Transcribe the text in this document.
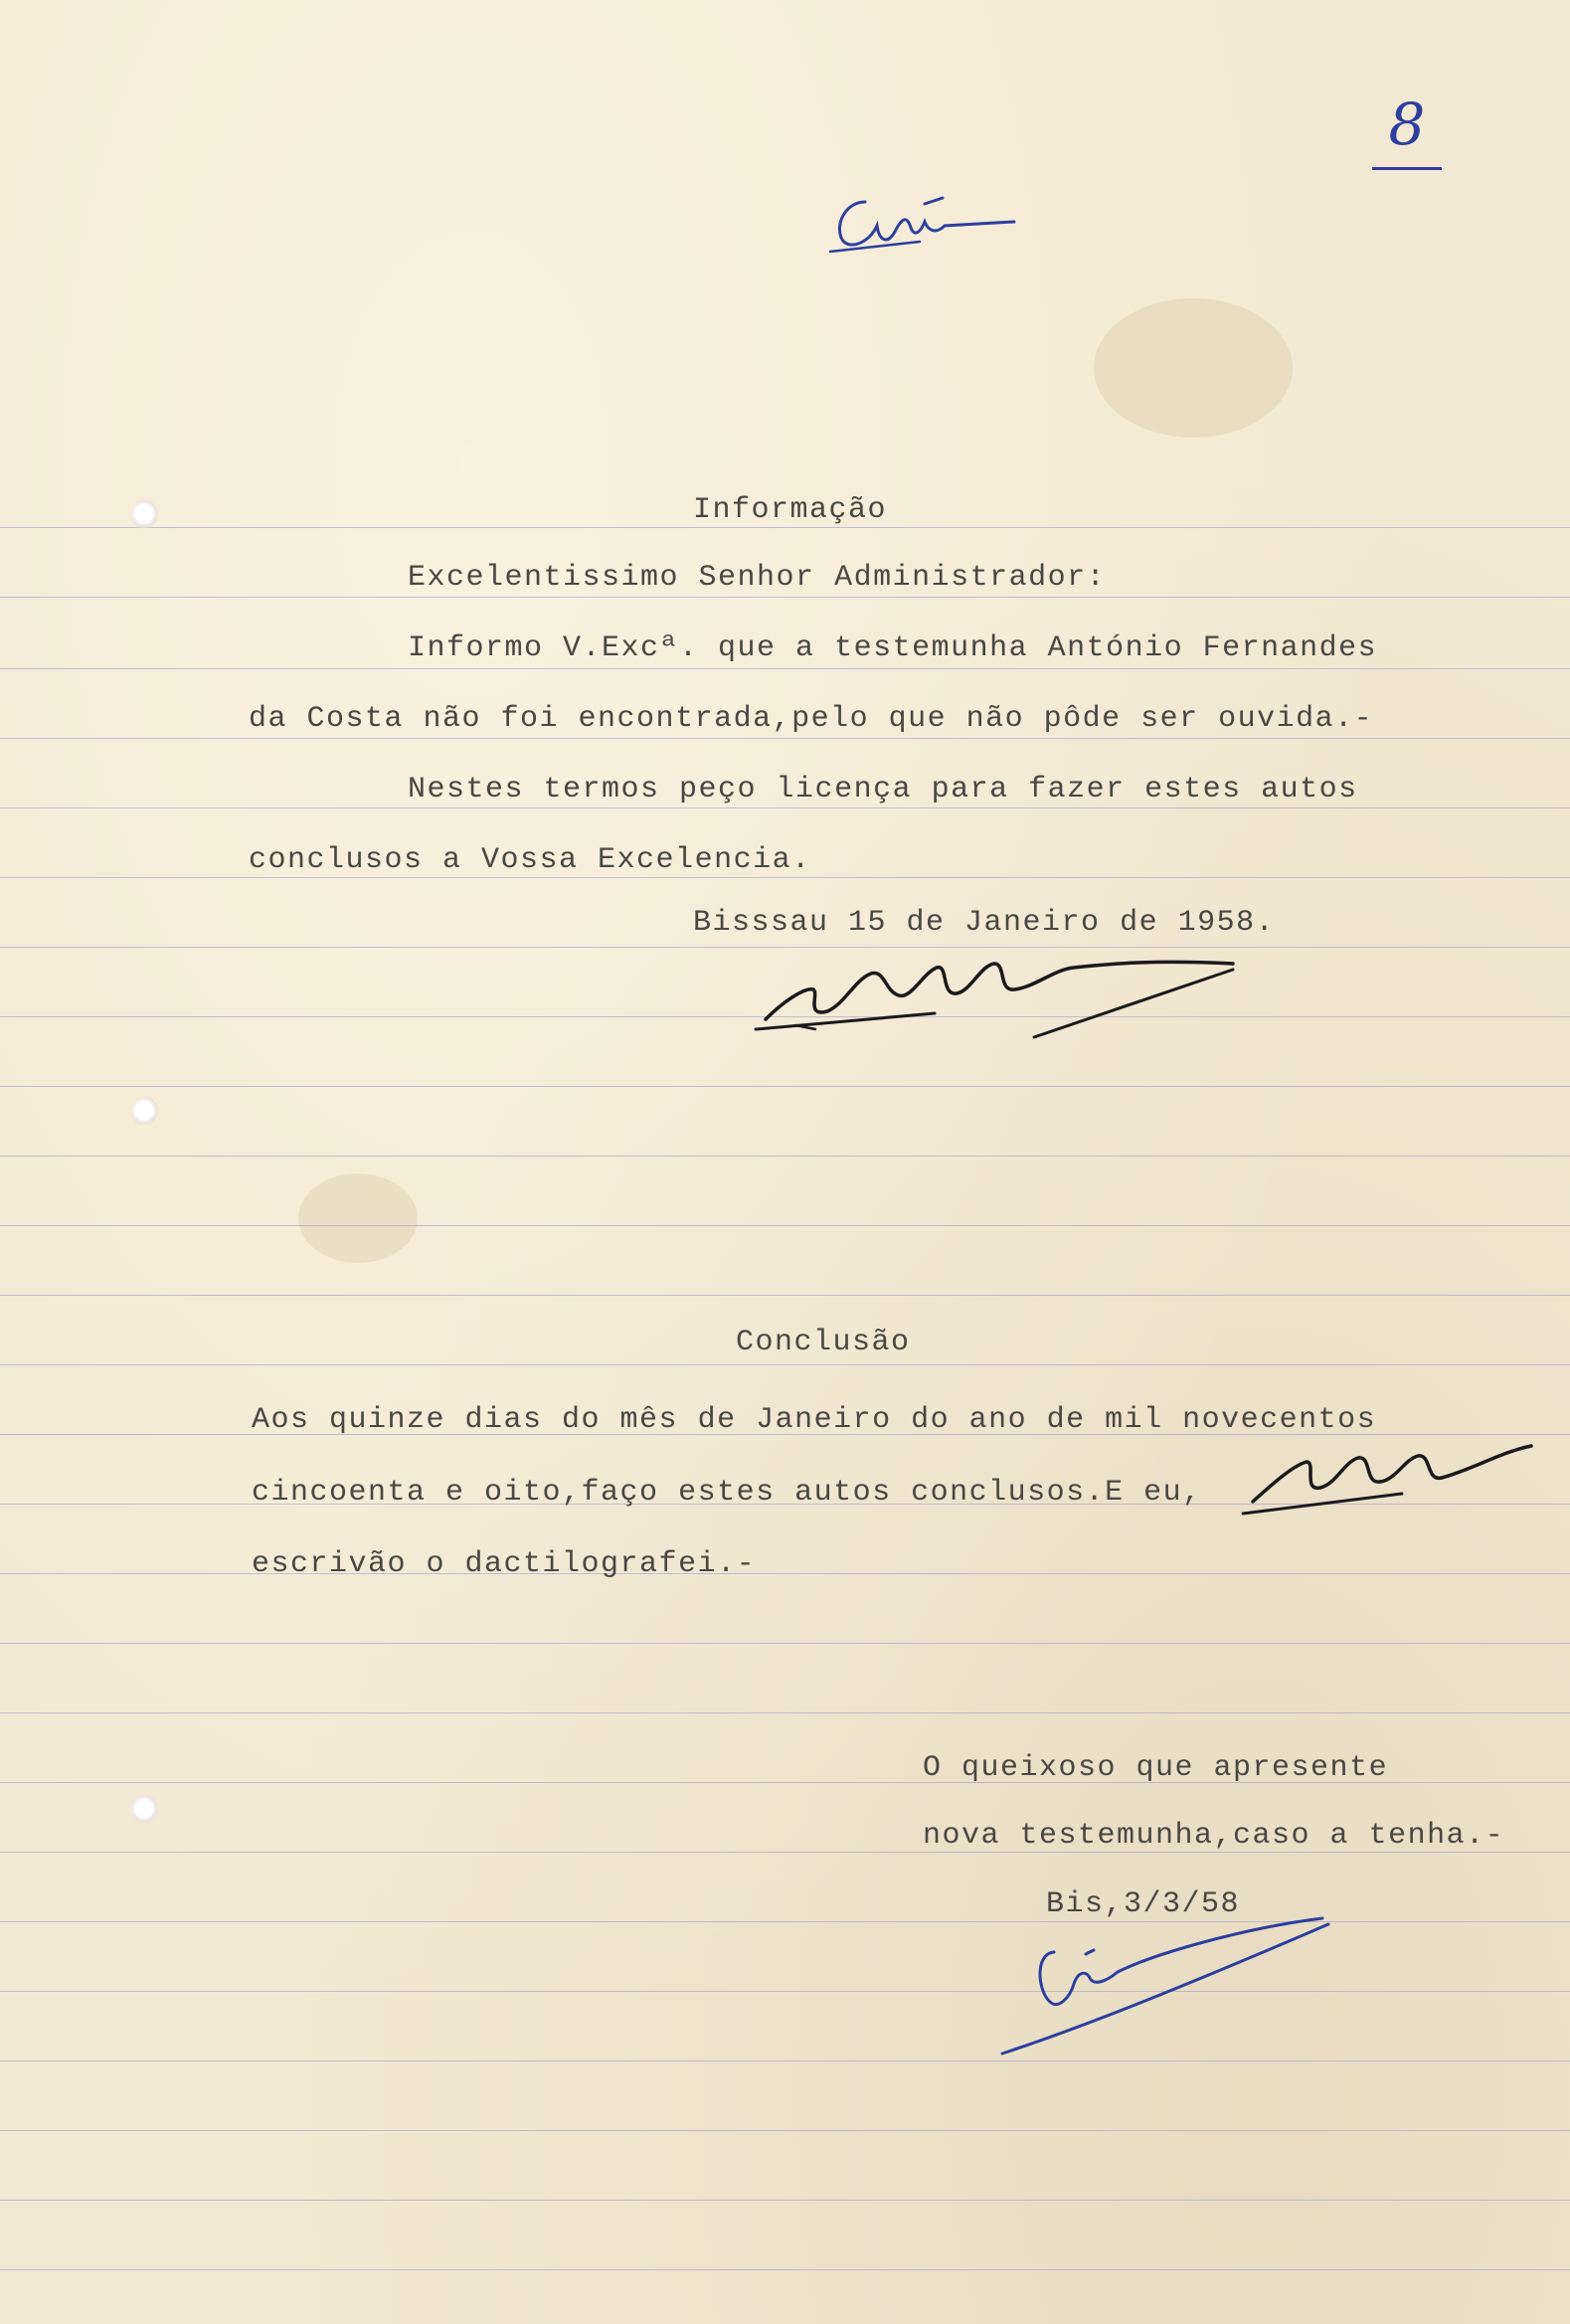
8
Informação
Excelentissimo Senhor Administrador:
Informo V.Excª. que a testemunha António Fernandes
da Costa não foi encontrada,pelo que não pôde ser ouvida.-
Nestes termos peço licença para fazer estes autos
conclusos a Vossa Excelencia.
Bisssau 15 de Janeiro de 1958.
Conclusão
Aos quinze dias do mês de Janeiro do ano de mil novecentos
cincoenta e oito,faço estes autos conclusos.E eu,
escrivão o dactilografei.-
O queixoso que apresente
nova testemunha,caso a tenha.-
Bis,3/3/58
